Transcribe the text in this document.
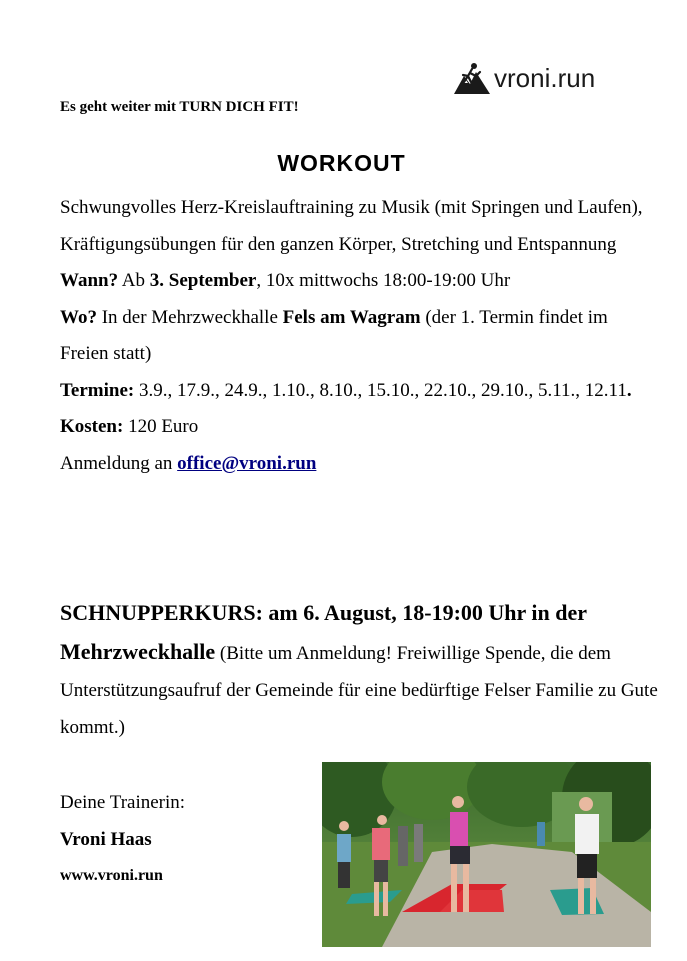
vroni.run
Es geht weiter mit TURN DICH FIT!
WORKOUT

Schwungvolles Herz-Kreislauftraining zu Musik (mit Springen und Laufen), Kräftigungsübungen für den ganzen Körper, Stretching und Entspannung

Wann? Ab 3. September, 10x mittwochs 18:00-19:00 Uhr

Wo? In der Mehrzweckhalle Fels am Wagram (der 1. Termin findet im Freien statt)

Termine: 3.9., 17.9., 24.9., 1.10., 8.10., 15.10., 22.10., 29.10., 5.11., 12.11.

Kosten: 120 Euro

Anmeldung an office@vroni.run

SCHNUPPERKURS: am 6. August, 18-19:00 Uhr in der Mehrzweckhalle (Bitte um Anmeldung! Freiwillige Spende, die dem Unterstützungsaufruf der Gemeinde für eine bedürftige Felser Familie zu Gute kommt.)
Deine Trainerin:
Vroni Haas
www.vroni.run
